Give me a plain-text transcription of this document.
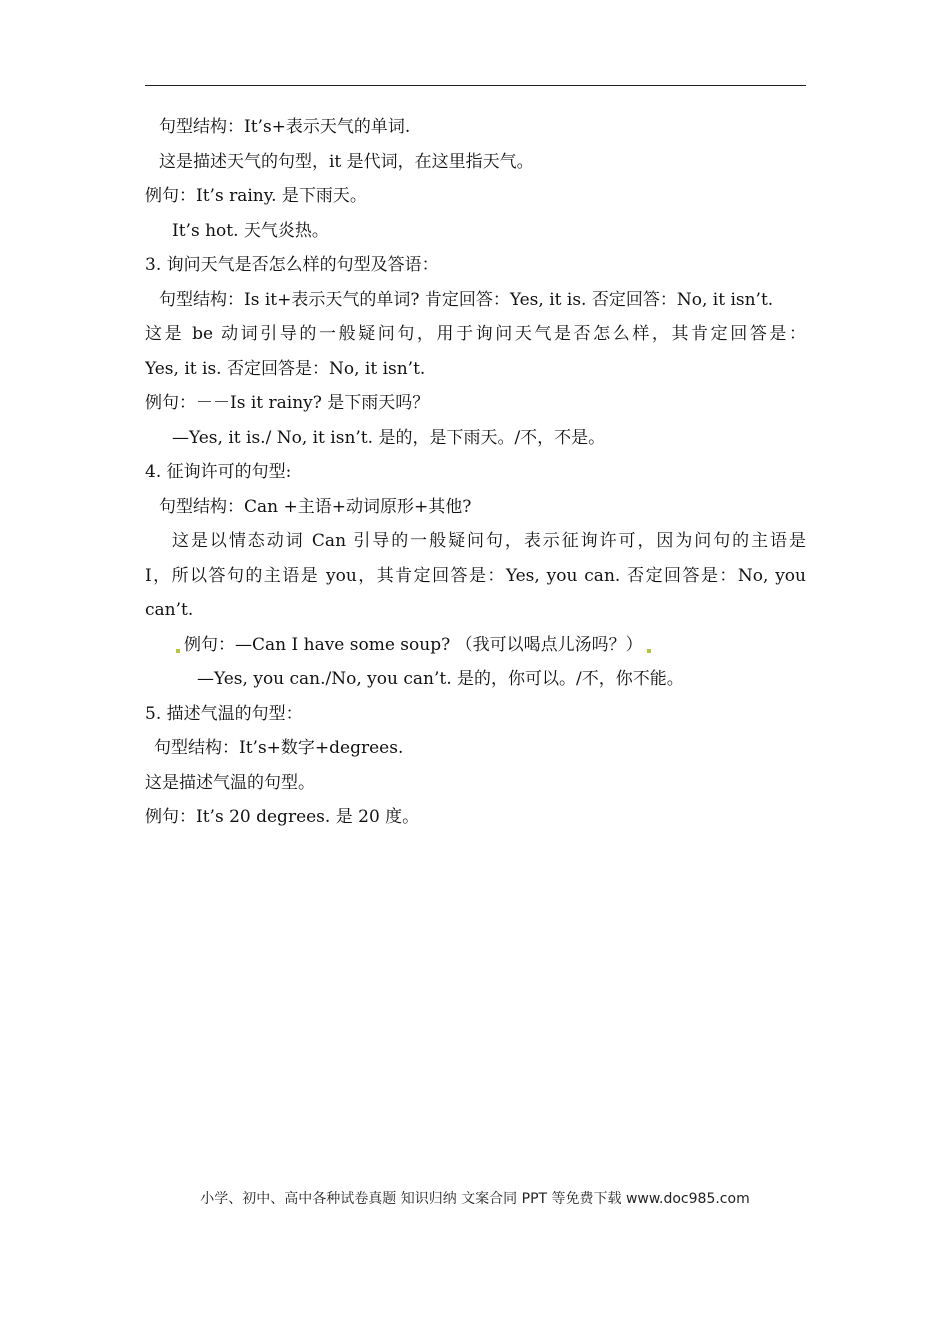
句型结构：It’s+表示天气的单词.
这是描述天气的句型，it 是代词，在这里指天气。
例句：It’s rainy. 是下雨天。
It’s hot. 天气炎热。
3. 询问天气是否怎么样的句型及答语：
句型结构：Is it+表示天气的单词? 肯定回答：Yes, it is. 否定回答：No, it isn’t.
这是 be 动词引导的一般疑问句，用于询问天气是否怎么样，其肯定回答是：
Yes, it is. 否定回答是：No, it isn’t.
例句：－－Is it rainy? 是下雨天吗？
—Yes, it is./ No, it isn’t. 是的，是下雨天。/不，不是。
4. 征询许可的句型:
句型结构：Can +主语+动词原形+其他?
这是以情态动词 Can 引导的一般疑问句，表示征询许可，因为问句的主语是
I，所以答句的主语是 you，其肯定回答是：Yes, you can. 否定回答是：No, you
can’t.
例句：—Can I have some soup? （我可以喝点儿汤吗？）
—Yes, you can./No, you can’t. 是的，你可以。/不，你不能。
5. 描述气温的句型：
句型结构：It’s+数字+degrees.
这是描述气温的句型。
例句：It’s 20 degrees. 是 20 度。
小学、初中、高中各种试卷真题 知识归纳 文案合同 PPT 等免费下载 www.doc985.com
